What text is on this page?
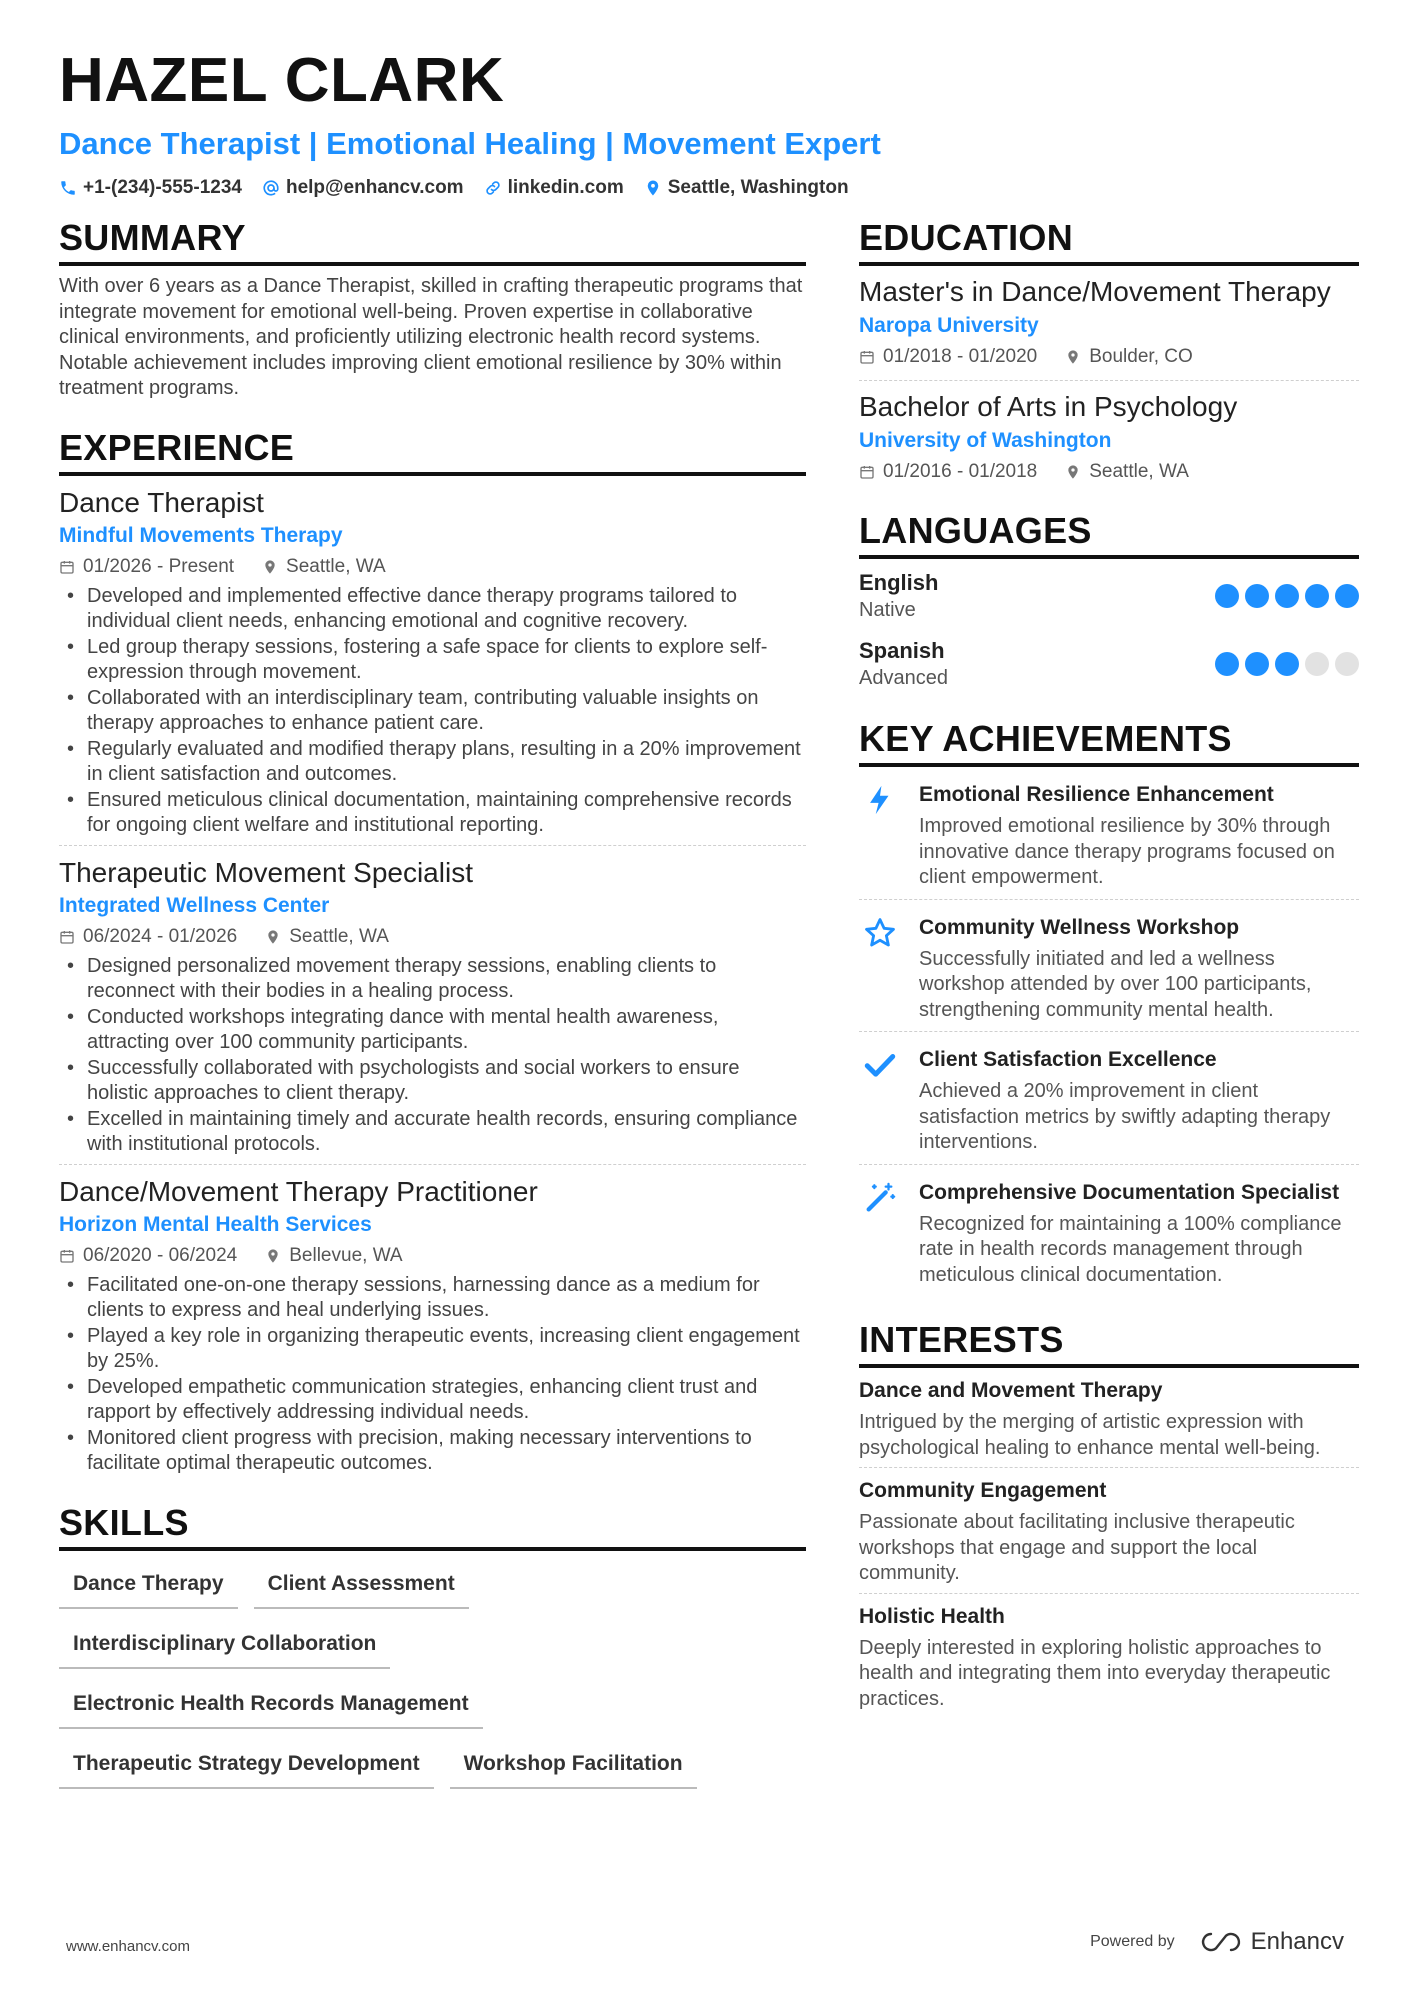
HAZEL CLARK
Dance Therapist | Emotional Healing | Movement Expert
+1-(234)-555-1234 help@enhancv.com linkedin.com Seattle, Washington
SUMMARY

With over 6 years as a Dance Therapist, skilled in crafting therapeutic programs that integrate movement for emotional well-being. Proven expertise in collaborative clinical environments, and proficiently utilizing electronic health record systems. Notable achievement includes improving client emotional resilience by 30% within treatment programs.

EXPERIENCE
Dance Therapist
Mindful Movements Therapy
01/2026 - Present	Seattle, WA
• Developed and implemented effective dance therapy programs tailored to individual client needs, enhancing emotional and cognitive recovery.
• Led group therapy sessions, fostering a safe space for clients to explore self-expression through movement.
• Collaborated with an interdisciplinary team, contributing valuable insights on therapy approaches to enhance patient care.
• Regularly evaluated and modified therapy plans, resulting in a 20% improvement in client satisfaction and outcomes.
• Ensured meticulous clinical documentation, maintaining comprehensive records for ongoing client welfare and institutional reporting.
Therapeutic Movement Specialist
Integrated Wellness Center
06/2024 - 01/2026	Seattle, WA
• Designed personalized movement therapy sessions, enabling clients to reconnect with their bodies in a healing process.
• Conducted workshops integrating dance with mental health awareness, attracting over 100 community participants.
• Successfully collaborated with psychologists and social workers to ensure holistic approaches to client therapy.
• Excelled in maintaining timely and accurate health records, ensuring compliance with institutional protocols.
Dance/Movement Therapy Practitioner
Horizon Mental Health Services
06/2020 - 06/2024	Bellevue, WA
• Facilitated one-on-one therapy sessions, harnessing dance as a medium for clients to express and heal underlying issues.
• Played a key role in organizing therapeutic events, increasing client engagement by 25%.
• Developed empathetic communication strategies, enhancing client trust and rapport by effectively addressing individual needs.
• Monitored client progress with precision, making necessary interventions to facilitate optimal therapeutic outcomes.
SKILLS
Dance Therapy	Client Assessment
Interdisciplinary Collaboration
Electronic Health Records Management
Therapeutic Strategy Development	Workshop Facilitation
EDUCATION
Master's in Dance/Movement Therapy
Naropa University
01/2018 - 01/2020	Boulder, CO
Bachelor of Arts in Psychology
University of Washington
01/2016 - 01/2018	Seattle, WA
LANGUAGES
English
Native
Spanish
Advanced
KEY ACHIEVEMENTS
Emotional Resilience Enhancement
Improved emotional resilience by 30% through innovative dance therapy programs focused on client empowerment.
Community Wellness Workshop
Successfully initiated and led a wellness workshop attended by over 100 participants, strengthening community mental health.
Client Satisfaction Excellence
Achieved a 20% improvement in client satisfaction metrics by swiftly adapting therapy interventions.
Comprehensive Documentation Specialist
Recognized for maintaining a 100% compliance rate in health records management through meticulous clinical documentation.
INTERESTS
Dance and Movement Therapy
Intrigued by the merging of artistic expression with psychological healing to enhance mental well-being.
Community Engagement
Passionate about facilitating inclusive therapeutic workshops that engage and support the local community.
Holistic Health
Deeply interested in exploring holistic approaches to health and integrating them into everyday therapeutic practices.
www.enhancv.com	Powered by	Enhancv
